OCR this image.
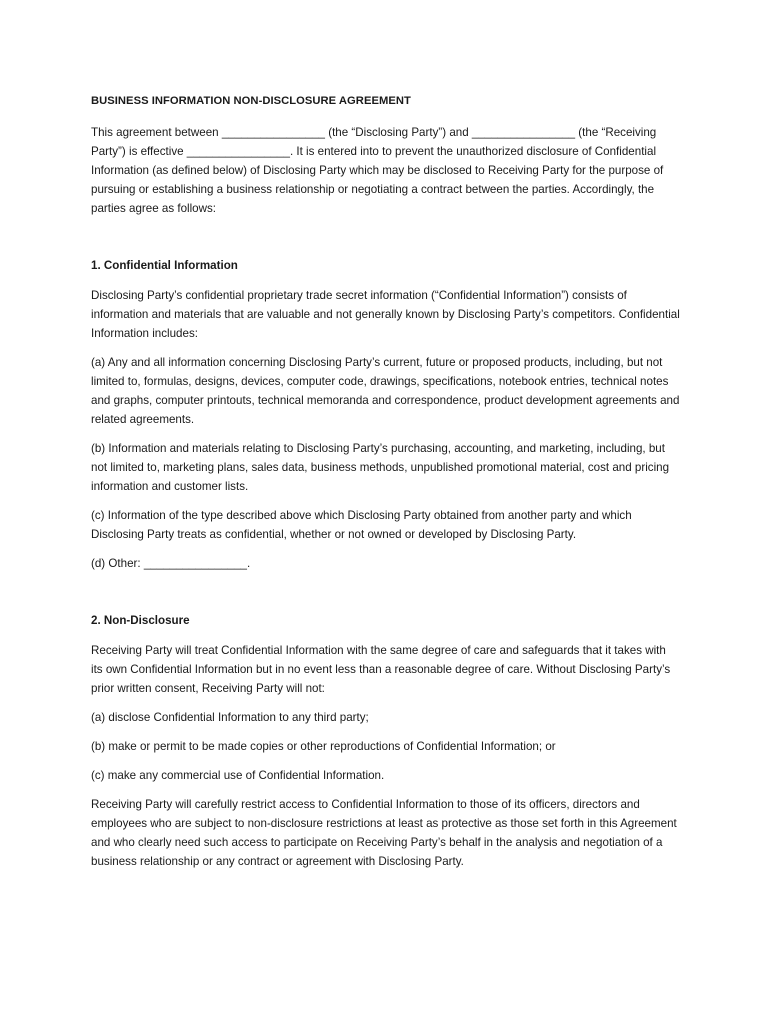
BUSINESS INFORMATION NON-DISCLOSURE AGREEMENT

This agreement between ________________ (the “Disclosing Party”) and ________________ (the “Receiving Party”) is effective ________________. It is entered into to prevent the unauthorized disclosure of Confidential Information (as defined below) of Disclosing Party which may be disclosed to Receiving Party for the purpose of pursuing or establishing a business relationship or negotiating a contract between the parties. Accordingly, the parties agree as follows:

1. Confidential Information

Disclosing Party’s confidential proprietary trade secret information (“Confidential Information”) consists of information and materials that are valuable and not generally known by Disclosing Party’s competitors. Confidential Information includes:

(a) Any and all information concerning Disclosing Party’s current, future or proposed products, including, but not limited to, formulas, designs, devices, computer code, drawings, specifications, notebook entries, technical notes and graphs, computer printouts, technical memoranda and correspondence, product development agreements and related agreements.

(b) Information and materials relating to Disclosing Party’s purchasing, accounting, and marketing, including, but not limited to, marketing plans, sales data, business methods, unpublished promotional material, cost and pricing information and customer lists.

(c) Information of the type described above which Disclosing Party obtained from another party and which Disclosing Party treats as confidential, whether or not owned or developed by Disclosing Party.

(d) Other: ________________.

2. Non-Disclosure

Receiving Party will treat Confidential Information with the same degree of care and safeguards that it takes with its own Confidential Information but in no event less than a reasonable degree of care. Without Disclosing Party’s prior written consent, Receiving Party will not:

(a) disclose Confidential Information to any third party;

(b) make or permit to be made copies or other reproductions of Confidential Information; or

(c) make any commercial use of Confidential Information.

Receiving Party will carefully restrict access to Confidential Information to those of its officers, directors and employees who are subject to non-disclosure restrictions at least as protective as those set forth in this Agreement and who clearly need such access to participate on Receiving Party’s behalf in the analysis and negotiation of a business relationship or any contract or agreement with Disclosing Party.
